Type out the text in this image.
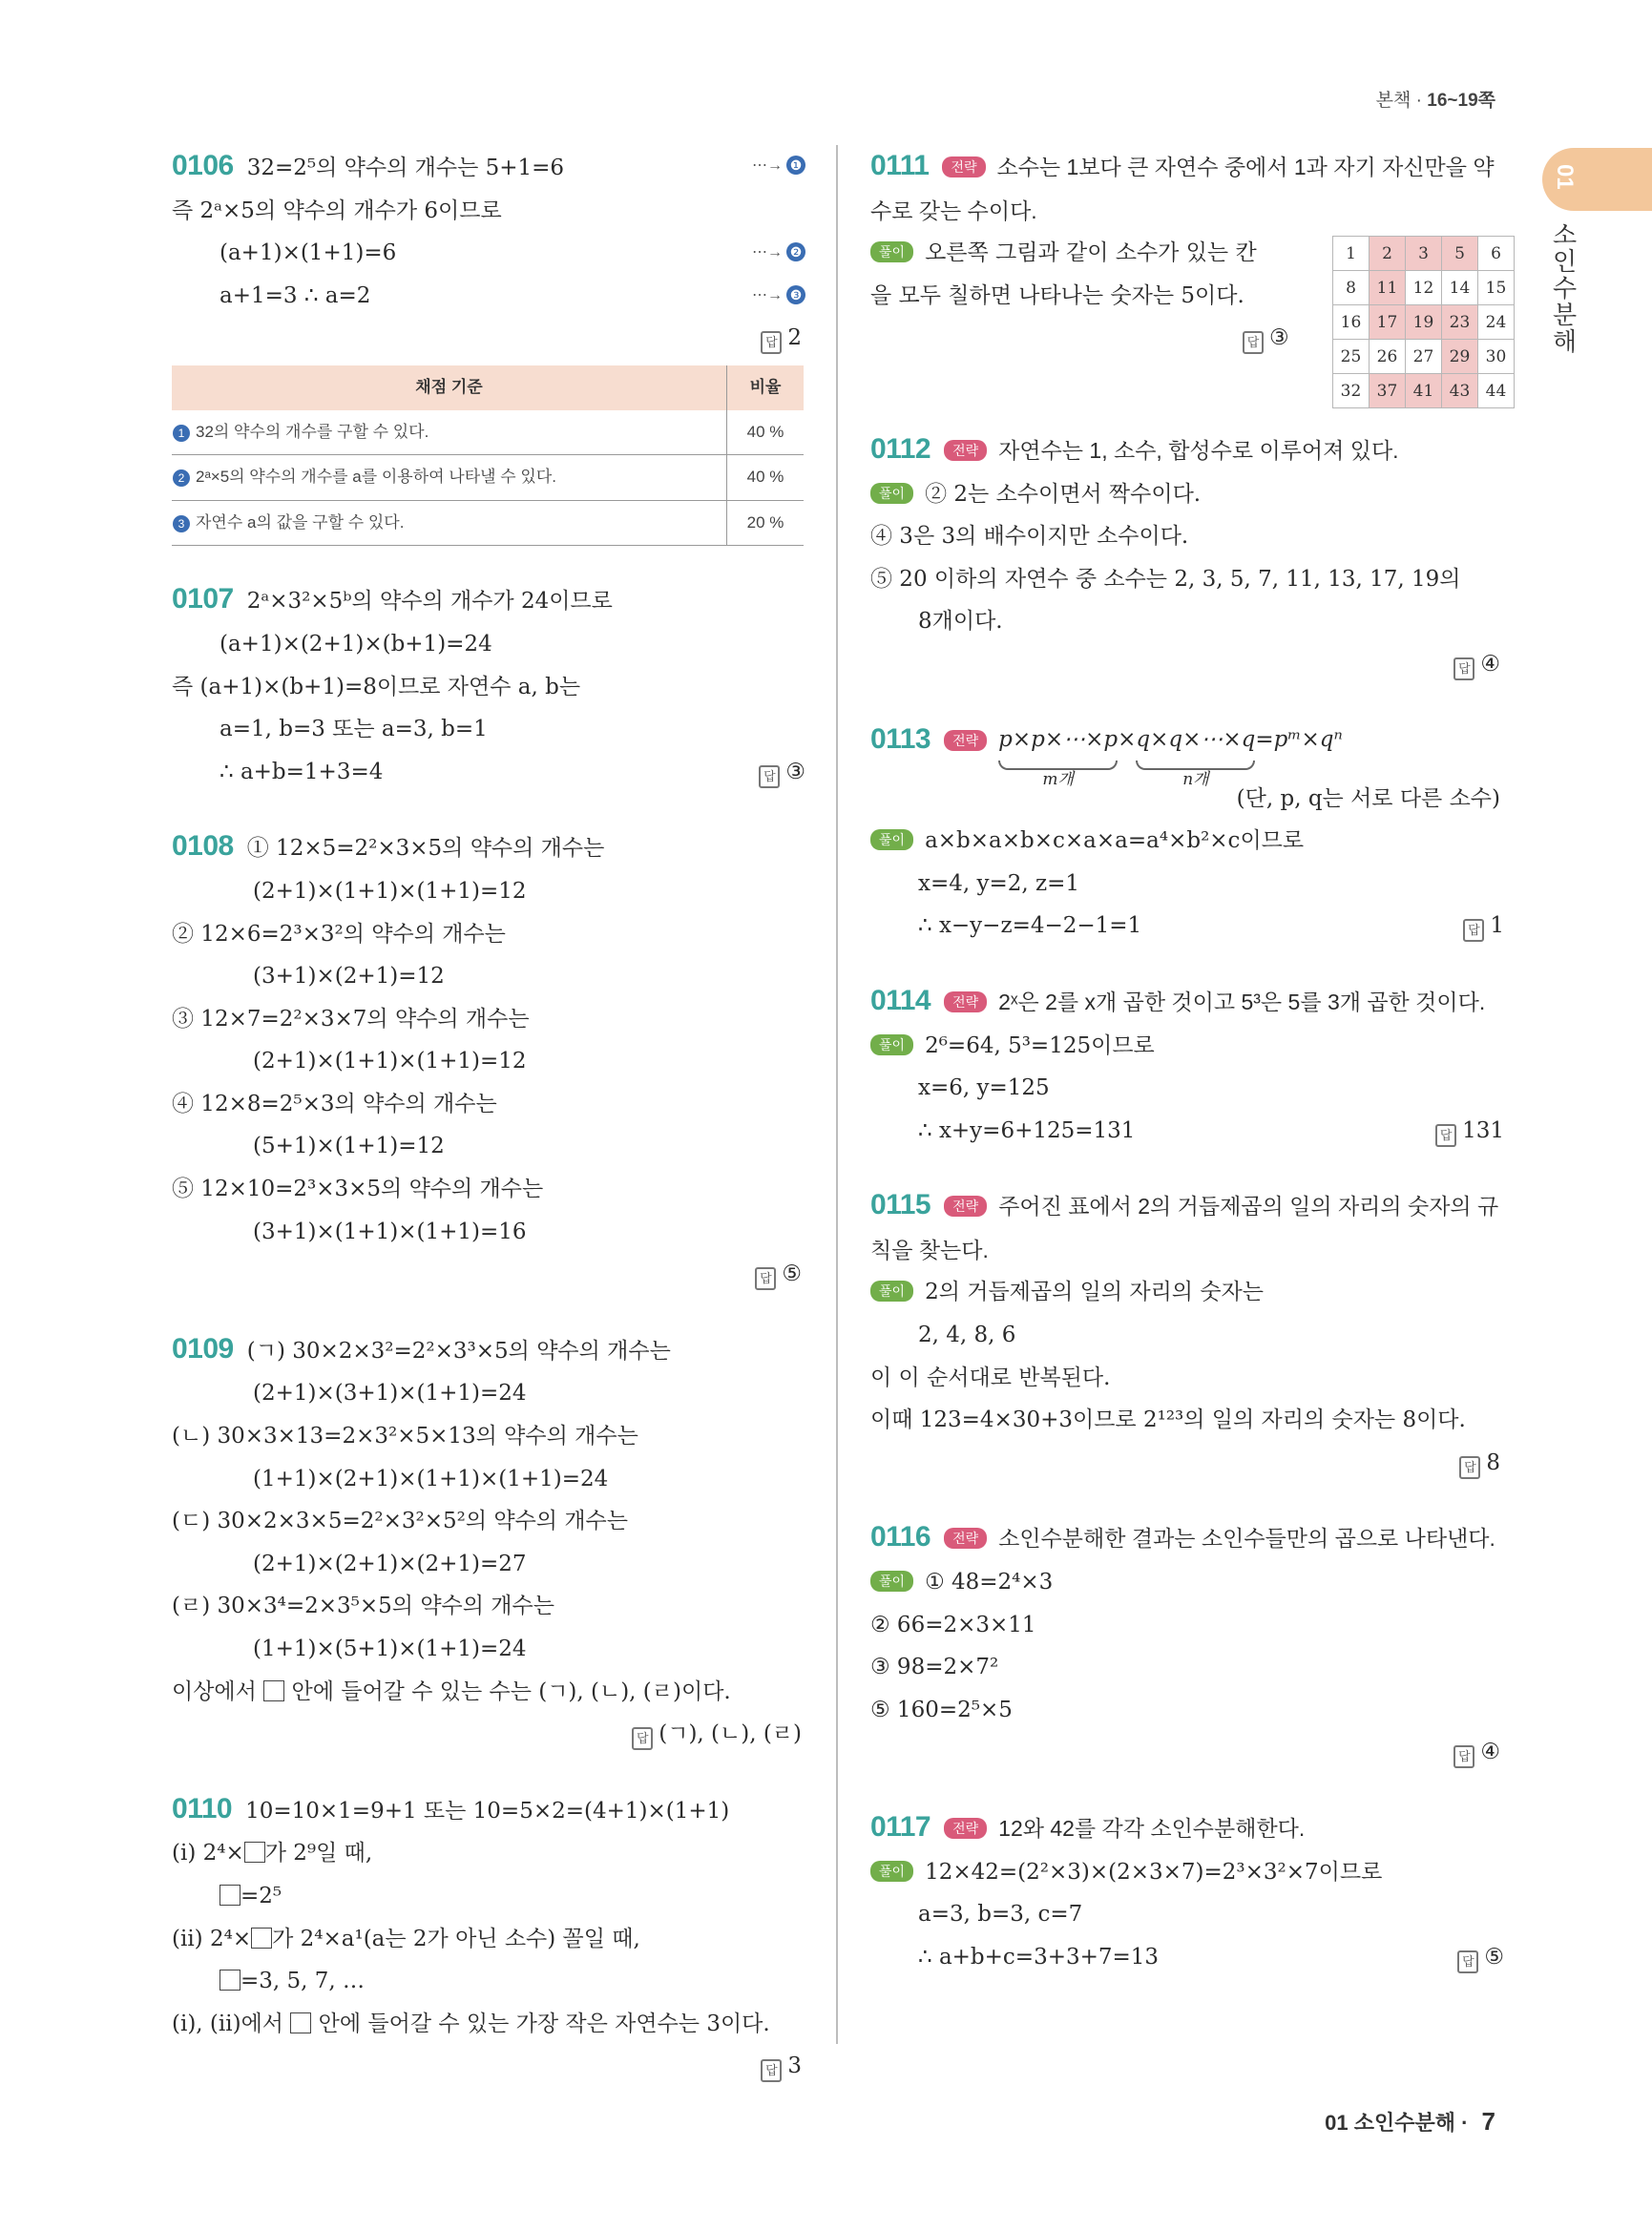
본책 · 16~19쪽
01
소인수분해
0106 32=2⁵의 약수의 개수는 5+1=6	⋯→ ❶
즉 2ᵃ×5의 약수의 개수가 6이므로
(a+1)×(1+1)=6	⋯→ ❷
a+1=3 ∴ a=2	⋯→ ❸
답 2
채점 기준	비율
1 32의 약수의 개수를 구할 수 있다.	40 %
2 2ᵃ×5의 약수의 개수를 a를 이용하여 나타낼 수 있다.	40 %
3 자연수 a의 값을 구할 수 있다.	20 %
0107 2ᵃ×3²×5ᵇ의 약수의 개수가 24이므로
(a+1)×(2+1)×(b+1)=24
즉 (a+1)×(b+1)=8이므로 자연수 a, b는
a=1, b=3 또는 a=3, b=1
∴ a+b=1+3=4	답 ③
0108 ① 12×5=2²×3×5의 약수의 개수는
(2+1)×(1+1)×(1+1)=12
② 12×6=2³×3²의 약수의 개수는
(3+1)×(2+1)=12
③ 12×7=2²×3×7의 약수의 개수는
(2+1)×(1+1)×(1+1)=12
④ 12×8=2⁵×3의 약수의 개수는
(5+1)×(1+1)=12
⑤ 12×10=2³×3×5의 약수의 개수는
(3+1)×(1+1)×(1+1)=16
답 ⑤
0109 (ㄱ) 30×2×3²=2²×3³×5의 약수의 개수는
(2+1)×(3+1)×(1+1)=24
(ㄴ) 30×3×13=2×3²×5×13의 약수의 개수는
(1+1)×(2+1)×(1+1)×(1+1)=24
(ㄷ) 30×2×3×5=2²×3²×5²의 약수의 개수는
(2+1)×(2+1)×(2+1)=27
(ㄹ) 30×3⁴=2×3⁵×5의 약수의 개수는
(1+1)×(5+1)×(1+1)=24
이상에서 안에 들어갈 수 있는 수는 (ㄱ), (ㄴ), (ㄹ)이다.
답 (ㄱ), (ㄴ), (ㄹ)
0110 10=10×1=9+1 또는 10=5×2=(4+1)×(1+1)
(ⅰ) 2⁴× 가 2⁹일 때,
=2⁵
(ⅱ) 2⁴× 가 2⁴×a¹(a는 2가 아닌 소수) 꼴일 때,
=3, 5, 7, …
(ⅰ), (ⅱ)에서 안에 들어갈 수 있는 가장 작은 자연수는 3이다.
답 3
0111 전략 소수는 1보다 큰 자연수 중에서 1과 자기 자신만을 약
수로 갖는 수이다.
풀이 오른쪽 그림과 같이 소수가 있는 칸
을 모두 칠하면 나타나는 숫자는 5이다.
답 ③
0112 전략 자연수는 1, 소수, 합성수로 이루어져 있다.
풀이 ② 2는 소수이면서 짝수이다.
④ 3은 3의 배수이지만 소수이다.
⑤ 20 이하의 자연수 중 소수는 2, 3, 5, 7, 11, 13, 17, 19의
8개이다.
답 ④
0113 전략 p×p×⋯×p
m개
× q×q×⋯×q
n개
=pᵐ×qⁿ
(단, p, q는 서로 다른 소수)
풀이 a×b×a×b×c×a×a=a⁴×b²×c이므로
x=4, y=2, z=1
∴ x−y−z=4−2−1=1	답 1
0114 전략 2ˣ은 2를 x개 곱한 것이고 5³은 5를 3개 곱한 것이다.
풀이 2⁶=64, 5³=125이므로
x=6, y=125
∴ x+y=6+125=131	답 131
0115 전략 주어진 표에서 2의 거듭제곱의 일의 자리의 숫자의 규
칙을 찾는다.
풀이 2의 거듭제곱의 일의 자리의 숫자는
2, 4, 8, 6
이 이 순서대로 반복된다.
이때 123=4×30+3이므로 2¹²³의 일의 자리의 숫자는 8이다.
답 8
0116 전략 소인수분해한 결과는 소인수들만의 곱으로 나타낸다.
풀이 ① 48=2⁴×3
② 66=2×3×11
③ 98=2×7²
⑤ 160=2⁵×5
답 ④
0117 전략 12와 42를 각각 소인수분해한다.
풀이 12×42=(2²×3)×(2×3×7)=2³×3²×7이므로
a=3, b=3, c=7
∴ a+b+c=3+3+7=13	답 ⑤
1	2	3	5	6
8	11	12	14	15
16	17	19	23	24
25	26	27	29	30
32	37	41	43	44
01 소인수분해 · 7
